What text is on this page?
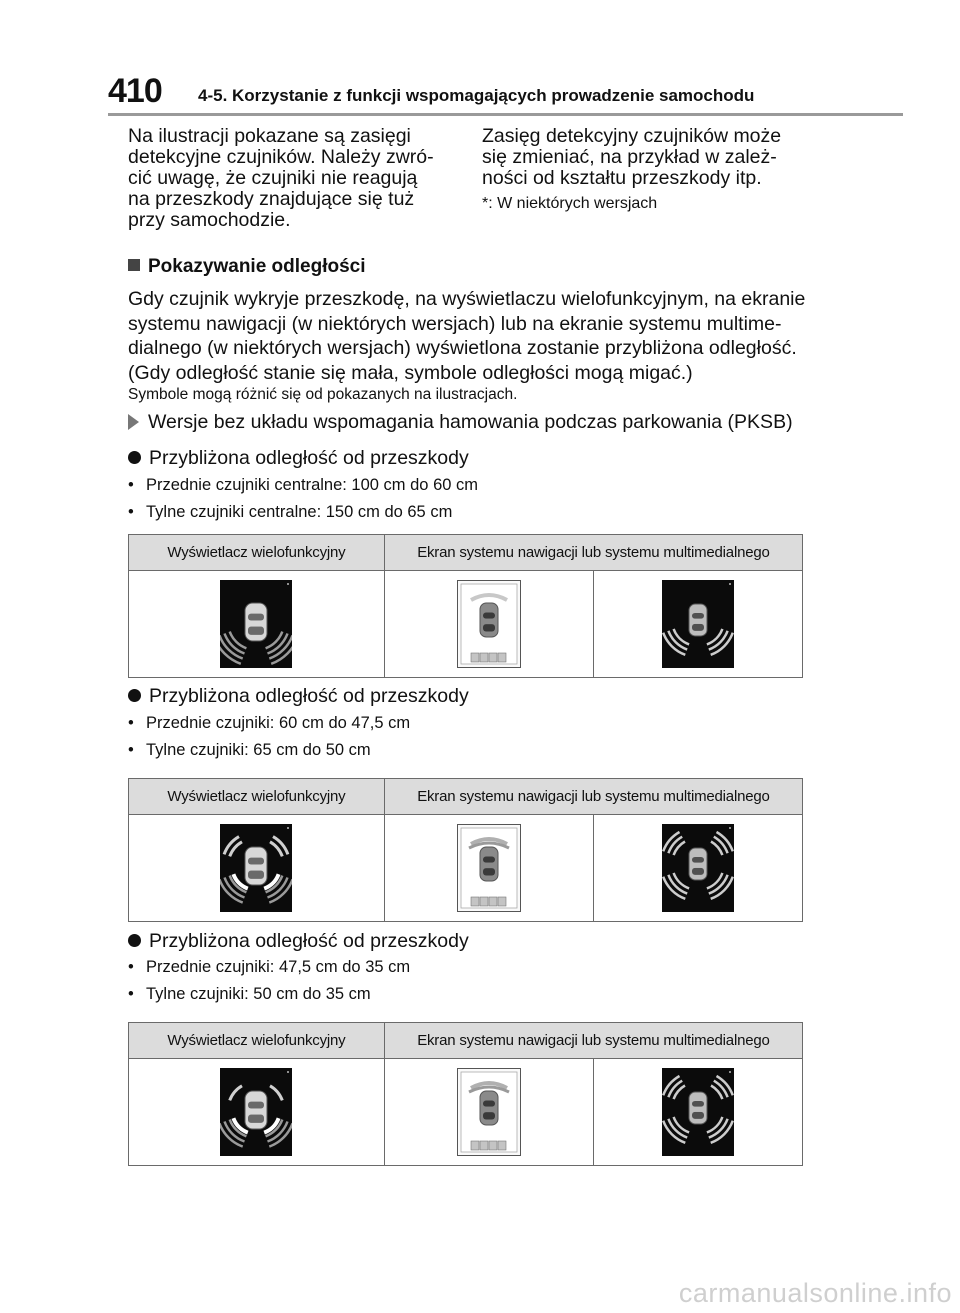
410 4-5. Korzystanie z funkcji wspomagających prowadzenie samochodu
Na ilustracji pokazane są zasięgi
detekcyjne czujników. Należy zwró-
cić uwagę, że czujniki nie reagują
na przeszkody znajdujące się tuż
przy samochodzie.
Zasięg detekcyjny czujników może
się zmieniać, na przykład w zależ-
ności od kształtu przeszkody itp.
*: W niektórych wersjach
Pokazywanie odległości
Gdy czujnik wykryje przeszkodę, na wyświetlaczu wielofunkcyjnym, na ekranie
systemu nawigacji (w niektórych wersjach) lub na ekranie systemu multime-
dialnego (w niektórych wersjach) wyświetlona zostanie przybliżona odległość.
(Gdy odległość stanie się mała, symbole odległości mogą migać.)
Symbole mogą różnić się od pokazanych na ilustracjach.
Wersje bez układu wspomagania hamowania podczas parkowania (PKSB)
Przybliżona odległość od przeszkody
• Przednie czujniki centralne: 100 cm do 60 cm
• Tylne czujniki centralne: 150 cm do 65 cm
Wyświetlacz wielofunkcyjny	Ekran systemu nawigacji lub systemu multimedialnego
Przybliżona odległość od przeszkody
• Przednie czujniki: 60 cm do 47,5 cm
• Tylne czujniki: 65 cm do 50 cm
Wyświetlacz wielofunkcyjny	Ekran systemu nawigacji lub systemu multimedialnego
Przybliżona odległość od przeszkody
• Przednie czujniki: 47,5 cm do 35 cm
• Tylne czujniki: 50 cm do 35 cm
Wyświetlacz wielofunkcyjny	Ekran systemu nawigacji lub systemu multimedialnego
carmanualsonline.info
